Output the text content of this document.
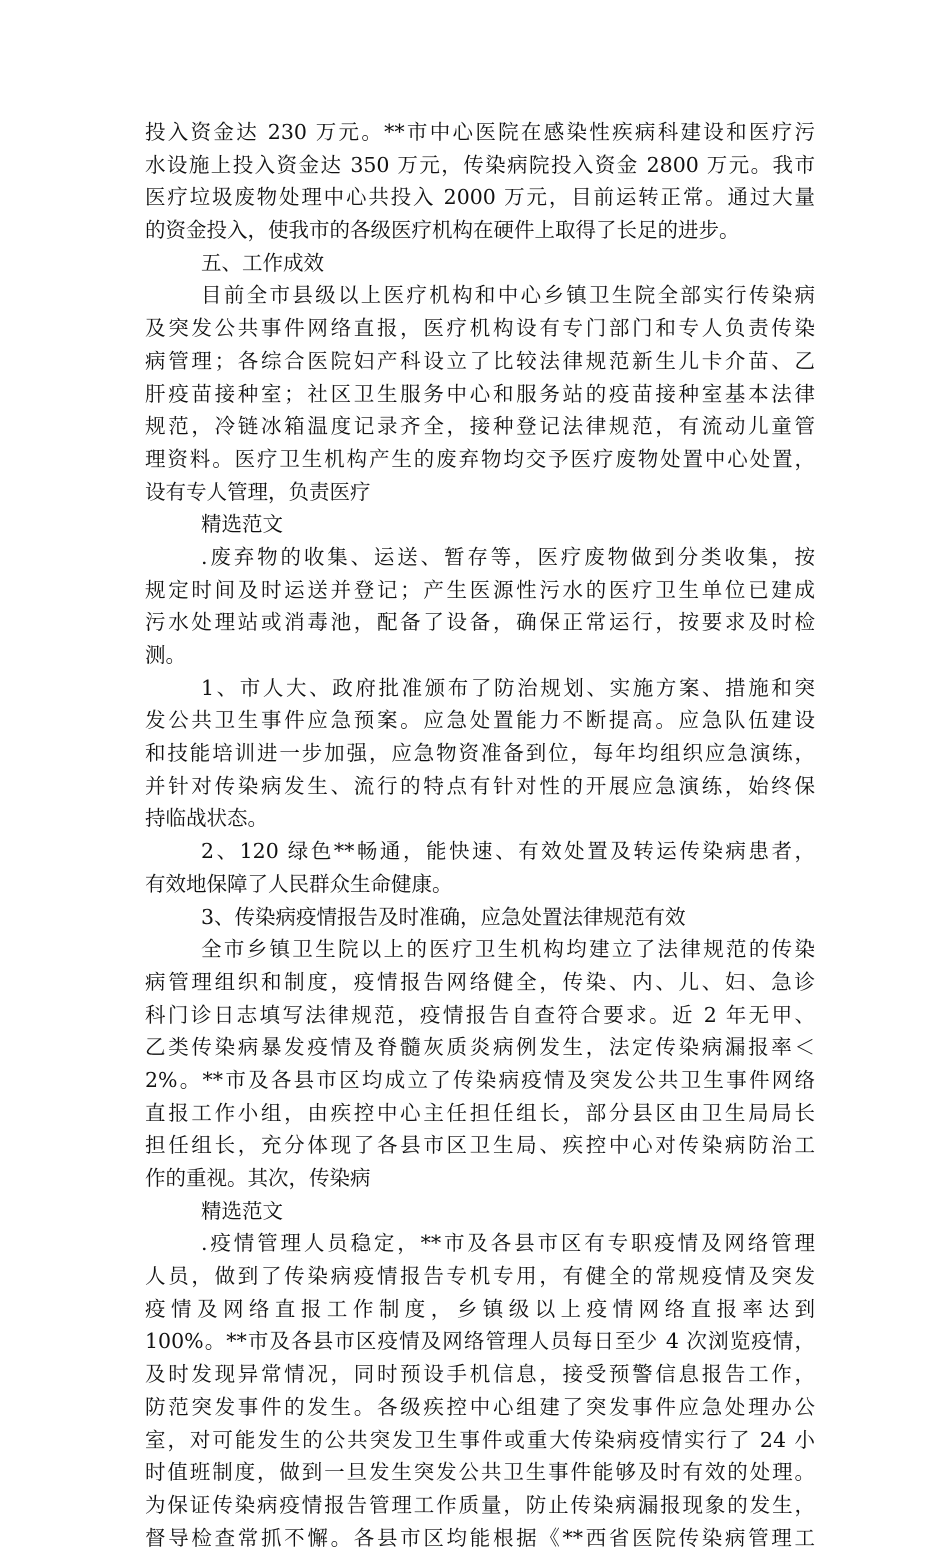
投入资金达 230 万元。**市中心医院在感染性疾病科建设和医疗污
水设施上投入资金达 350 万元，传染病院投入资金 2800 万元。我市
医疗垃圾废物处理中心共投入 2000 万元，目前运转正常。通过大量
的资金投入，使我市的各级医疗机构在硬件上取得了长足的进步。
五、工作成效
目前全市县级以上医疗机构和中心乡镇卫生院全部实行传染病
及突发公共事件网络直报，医疗机构设有专门部门和专人负责传染
病管理；各综合医院妇产科设立了比较法律规范新生儿卡介苗、乙
肝疫苗接种室；社区卫生服务中心和服务站的疫苗接种室基本法律
规范，冷链冰箱温度记录齐全，接种登记法律规范，有流动儿童管
理资料。医疗卫生机构产生的废弃物均交予医疗废物处置中心处置，
设有专人管理，负责医疗
精选范文
.废弃物的收集、运送、暂存等，医疗废物做到分类收集，按
规定时间及时运送并登记；产生医源性污水的医疗卫生单位已建成
污水处理站或消毒池，配备了设备，确保正常运行，按要求及时检
测。
1、市人大、政府批准颁布了防治规划、实施方案、措施和突
发公共卫生事件应急预案。应急处置能力不断提高。应急队伍建设
和技能培训进一步加强，应急物资准备到位，每年均组织应急演练，
并针对传染病发生、流行的特点有针对性的开展应急演练，始终保
持临战状态。
2、120 绿色**畅通，能快速、有效处置及转运传染病患者，
有效地保障了人民群众生命健康。
3、传染病疫情报告及时准确，应急处置法律规范有效
全市乡镇卫生院以上的医疗卫生机构均建立了法律规范的传染
病管理组织和制度，疫情报告网络健全，传染、内、儿、妇、急诊
科门诊日志填写法律规范，疫情报告自查符合要求。近 2 年无甲、
乙类传染病暴发疫情及脊髓灰质炎病例发生，法定传染病漏报率＜
2%。**市及各县市区均成立了传染病疫情及突发公共卫生事件网络
直报工作小组，由疾控中心主任担任组长，部分县区由卫生局局长
担任组长，充分体现了各县市区卫生局、疾控中心对传染病防治工
作的重视。其次，传染病
精选范文
.疫情管理人员稳定，**市及各县市区有专职疫情及网络管理
人员，做到了传染病疫情报告专机专用，有健全的常规疫情及突发
疫情及网络直报工作制度，乡镇级以上疫情网络直报率达到
100%。**市及各县市区疫情及网络管理人员每日至少 4 次浏览疫情，
及时发现异常情况，同时预设手机信息，接受预警信息报告工作，
防范突发事件的发生。各级疾控中心组建了突发事件应急处理办公
室，对可能发生的公共突发卫生事件或重大传染病疫情实行了 24 小
时值班制度，做到一旦发生突发公共卫生事件能够及时有效的处理。
为保证传染病疫情报告管理工作质量，防止传染病漏报现象的发生，
督导检查常抓不懈。各县市区均能根据《**西省医院传染病管理工
